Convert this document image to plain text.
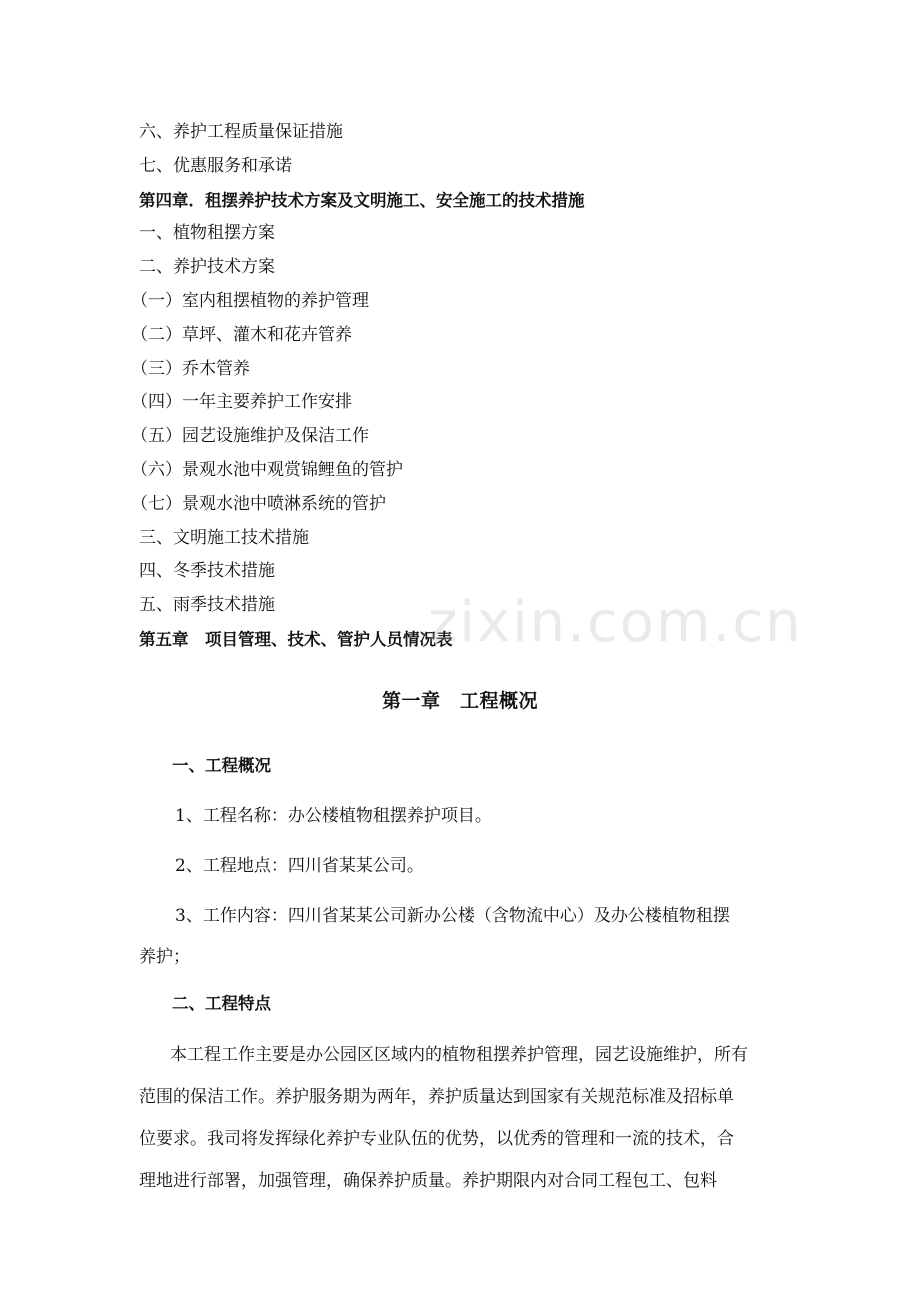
六、养护工程质量保证措施
七、优惠服务和承诺
第四章．租摆养护技术方案及文明施工、安全施工的技术措施
一、植物租摆方案
二、养护技术方案
（一）室内租摆植物的养护管理
（二）草坪、灌木和花卉管养
（三）乔木管养
（四）一年主要养护工作安排
（五）园艺设施维护及保洁工作
（六）景观水池中观赏锦鲤鱼的管护
（七）景观水池中喷淋系统的管护
三、文明施工技术措施
四、冬季技术措施
五、雨季技术措施
第五章　项目管理、技术、管护人员情况表
zixin.com.cn
第一章　工程概况
一、工程概况
1、工程名称：办公楼植物租摆养护项目。
2、工程地点：四川省某某公司。
3、工作内容：四川省某某公司新办公楼（含物流中心）及办公楼植物租摆
养护；
二、工程特点
本工程工作主要是办公园区区域内的植物租摆养护管理，园艺设施维护，所有
范围的保洁工作。养护服务期为两年，养护质量达到国家有关规范标准及招标单
位要求。我司将发挥绿化养护专业队伍的优势，以优秀的管理和一流的技术，合
理地进行部署，加强管理，确保养护质量。养护期限内对合同工程包工、包料
